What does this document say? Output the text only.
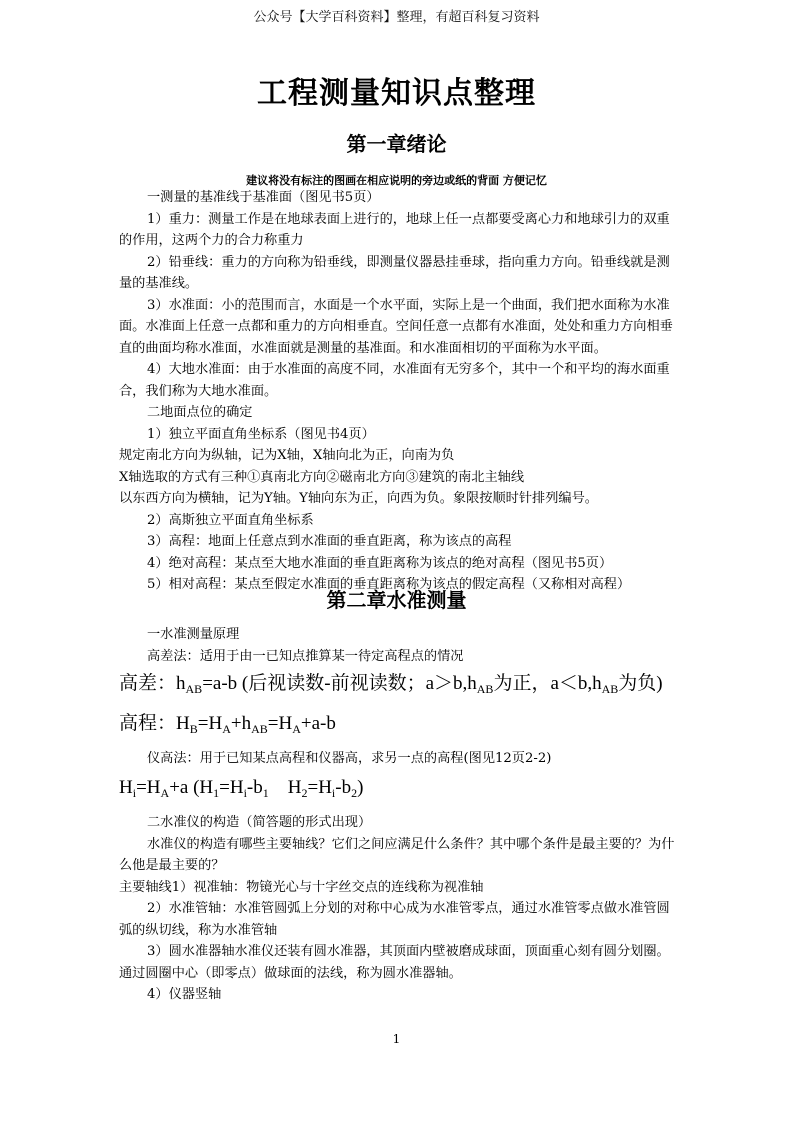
公众号【大学百科资料】整理，有超百科复习资料
工程测量知识点整理
第一章绪论
建议将没有标注的图画在相应说明的旁边或纸的背面 方便记忆

一测量的基准线于基准面（图见书5页）

1）重力：测量工作是在地球表面上进行的，地球上任一点都要受离心力和地球引力的双重的作用，这两个力的合力称重力

2）铅垂线：重力的方向称为铅垂线，即测量仪器悬挂垂球，指向重力方向。铅垂线就是测量的基准线。

3）水准面：小的范围而言，水面是一个水平面，实际上是一个曲面，我们把水面称为水准面。水准面上任意一点都和重力的方向相垂直。空间任意一点都有水准面，处处和重力方向相垂直的曲面均称水准面，水准面就是测量的基准面。和水准面相切的平面称为水平面。

4）大地水准面：由于水准面的高度不同，水准面有无穷多个，其中一个和平均的海水面重合，我们称为大地水准面。

二地面点位的确定

1）独立平面直角坐标系（图见书4页）

规定南北方向为纵轴，记为X轴，X轴向北为正，向南为负

X轴选取的方式有三种①真南北方向②磁南北方向③建筑的南北主轴线

以东西方向为横轴，记为Y轴。Y轴向东为正，向西为负。象限按顺时针排列编号。

2）高斯独立平面直角坐标系

3）高程：地面上任意点到水准面的垂直距离，称为该点的高程

4）绝对高程：某点至大地水准面的垂直距离称为该点的绝对高程（图见书5页）

5）相对高程：某点至假定水准面的垂直距离称为该点的假定高程（又称相对高程）

第二章水准测量

一水准测量原理

高差法：适用于由一已知点推算某一待定高程点的情况

高差：$h_{AB}=a-b$ (后视读数-前视读数；$a>b,h_{AB}$为正，$a<b,h_{AB}$为负)
高程：$H_B=H_A+h_{AB}=H_A+a-b$

仪高法：用于已知某点高程和仪器高，求另一点的高程(图见12页2-2)

$H_i=H_A+a$ ($H_1=H_i-b_1$    $H_2=H_i-b_2$)

二水准仪的构造（简答题的形式出现）

水准仪的构造有哪些主要轴线？它们之间应满足什么条件？其中哪个条件是最主要的？为什么他是最主要的？

主要轴线1）视准轴：物镜光心与十字丝交点的连线称为视准轴

2）水准管轴：水准管圆弧上分划的对称中心成为水准管零点，通过水准管零点做水准管圆弧的纵切线，称为水准管轴

3）圆水准器轴水准仪还装有圆水准器，其顶面内壁被磨成球面，顶面重心刻有圆分划圈。通过圆圈中心（即零点）做球面的法线，称为圆水准器轴。

4）仪器竖轴

1
